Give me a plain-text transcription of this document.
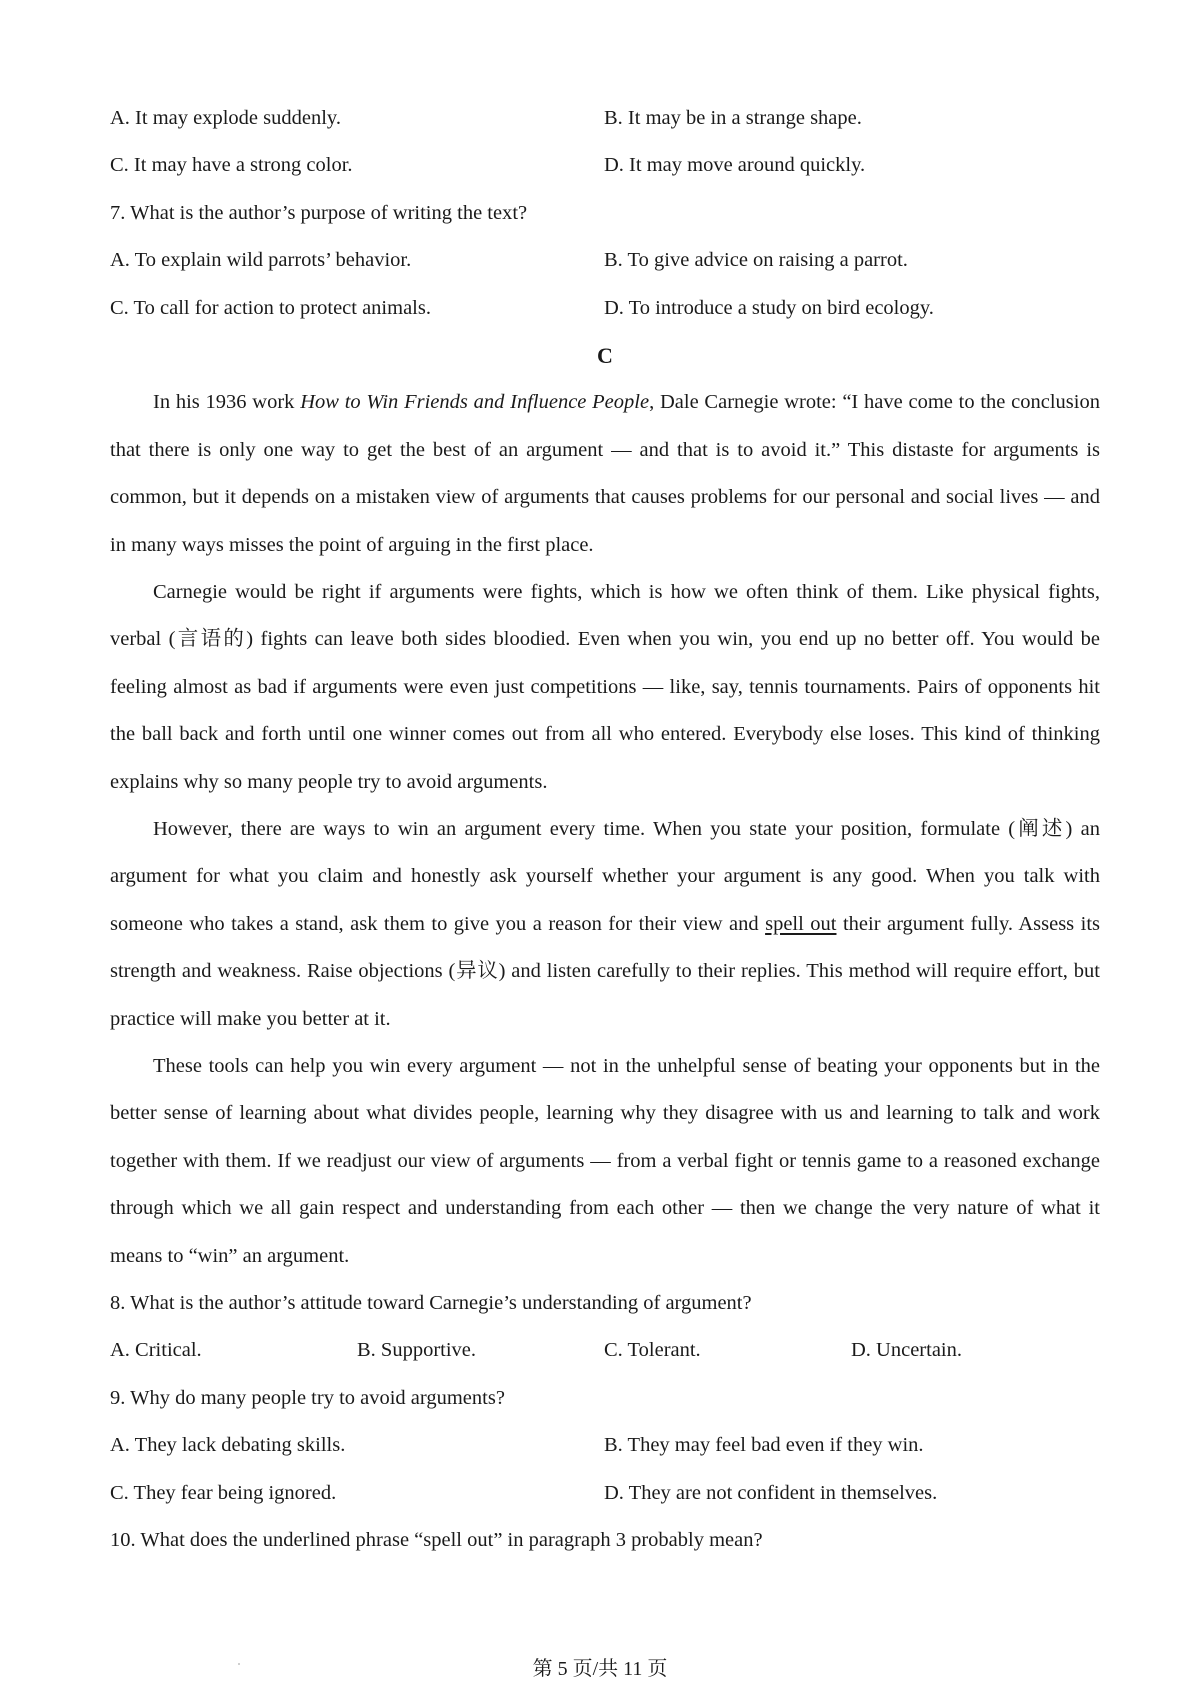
A. It may explode suddenly.	B. It may be in a strange shape.
C. It may have a strong color.	D. It may move around quickly.
7. What is the author’s purpose of writing the text?
A. To explain wild parrots’ behavior.	B. To give advice on raising a parrot.
C. To call for action to protect animals.	D. To introduce a study on bird ecology.
C

In his 1936 work How to Win Friends and Influence People, Dale Carnegie wrote: “I have come to the conclusion that there is only one way to get the best of an argument — and that is to avoid it.” This distaste for arguments is common, but it depends on a mistaken view of arguments that causes problems for our personal and social lives — and in many ways misses the point of arguing in the first place.

Carnegie would be right if arguments were fights, which is how we often think of them. Like physical fights, verbal (言语的) fights can leave both sides bloodied. Even when you win, you end up no better off. You would be feeling almost as bad if arguments were even just competitions — like, say, tennis tournaments. Pairs of opponents hit the ball back and forth until one winner comes out from all who entered. Everybody else loses. This kind of thinking explains why so many people try to avoid arguments.

However, there are ways to win an argument every time. When you state your position, formulate (阐述) an argument for what you claim and honestly ask yourself whether your argument is any good. When you talk with someone who takes a stand, ask them to give you a reason for their view and spell out their argument fully. Assess its strength and weakness. Raise objections (异议) and listen carefully to their replies. This method will require effort, but practice will make you better at it.

These tools can help you win every argument — not in the unhelpful sense of beating your opponents but in the better sense of learning about what divides people, learning why they disagree with us and learning to talk and work together with them. If we readjust our view of arguments — from a verbal fight or tennis game to a reasoned exchange through which we all gain respect and understanding from each other — then we change the very nature of what it means to “win” an argument.

8. What is the author’s attitude toward Carnegie’s understanding of argument?
A. Critical.	B. Supportive.	C. Tolerant.	D. Uncertain.
9. Why do many people try to avoid arguments?
A. They lack debating skills.	B. They may feel bad even if they win.
C. They fear being ignored.	D. They are not confident in themselves.
10. What does the underlined phrase “spell out” in paragraph 3 probably mean?
第 5 页/共 11 页
